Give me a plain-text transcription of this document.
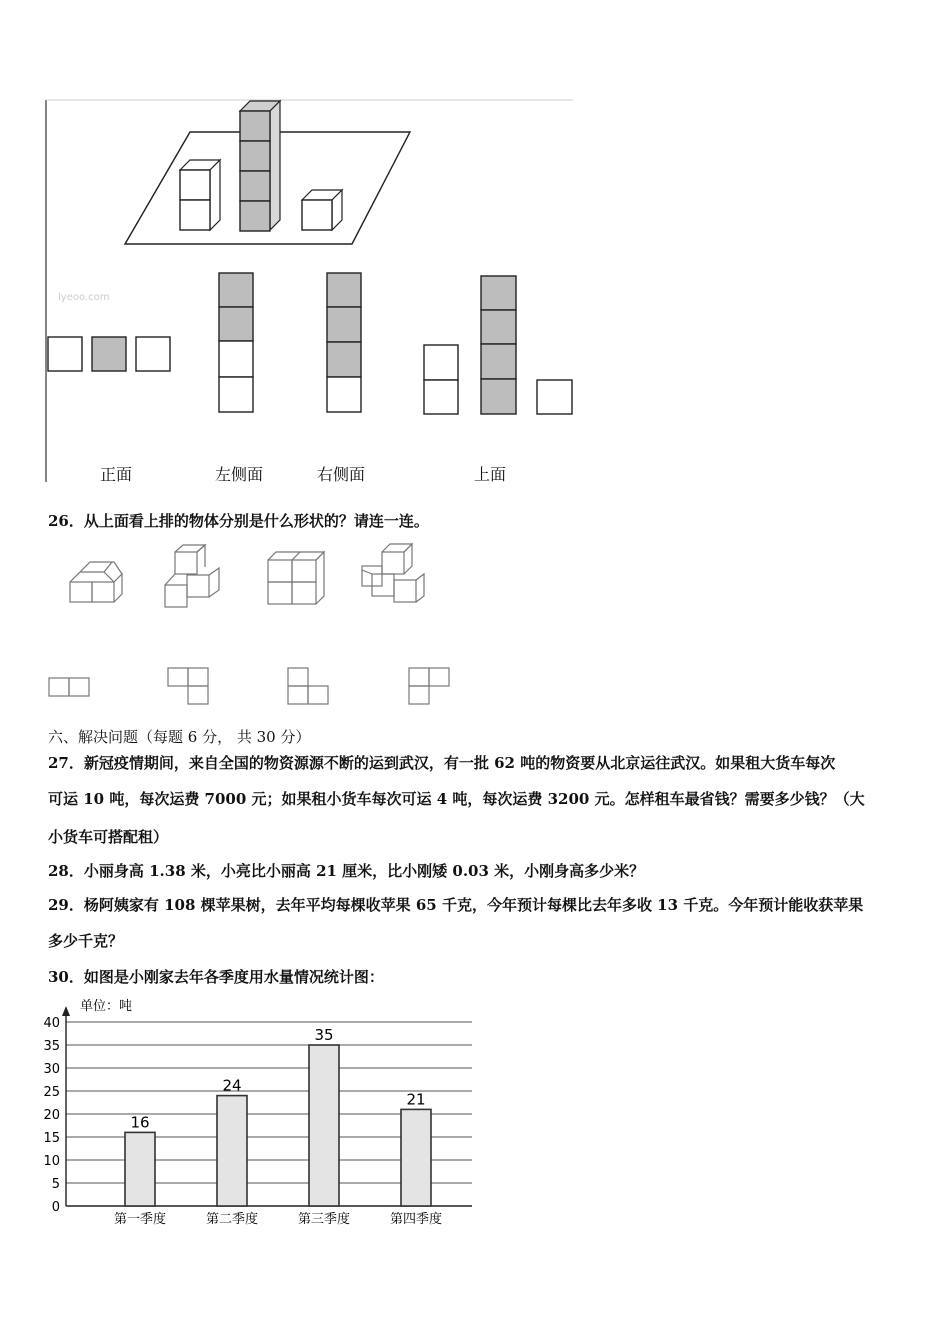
lyeoo.com
正面	左侧面	右侧面	上面
26．从上面看上排的物体分别是什么形状的？请连一连。
六、解决问题（每题 6 分， 共 30 分）
27．新冠疫情期间，来自全国的物资源源不断的运到武汉，有一批 62 吨的物资要从北京运往武汉。如果租大货车每次
可运 10 吨，每次运费 7000 元；如果租小货车每次可运 4 吨，每次运费 3200 元。怎样租车最省钱？需要多少钱？（大
小货车可搭配租）
28．小丽身高 1.38 米，小亮比小丽高 21 厘米，比小刚矮 0.03 米，小刚身高多少米？
29．杨阿姨家有 108 棵苹果树，去年平均每棵收苹果 65 千克，今年预计每棵比去年多收 13 千克。今年预计能收获苹果
多少千克？
30．如图是小刚家去年各季度用水量情况统计图：
单位：吨
0
5
10
15
20
25
30
35
40
16
第一季度
24
第二季度
35
第三季度
21
第四季度
